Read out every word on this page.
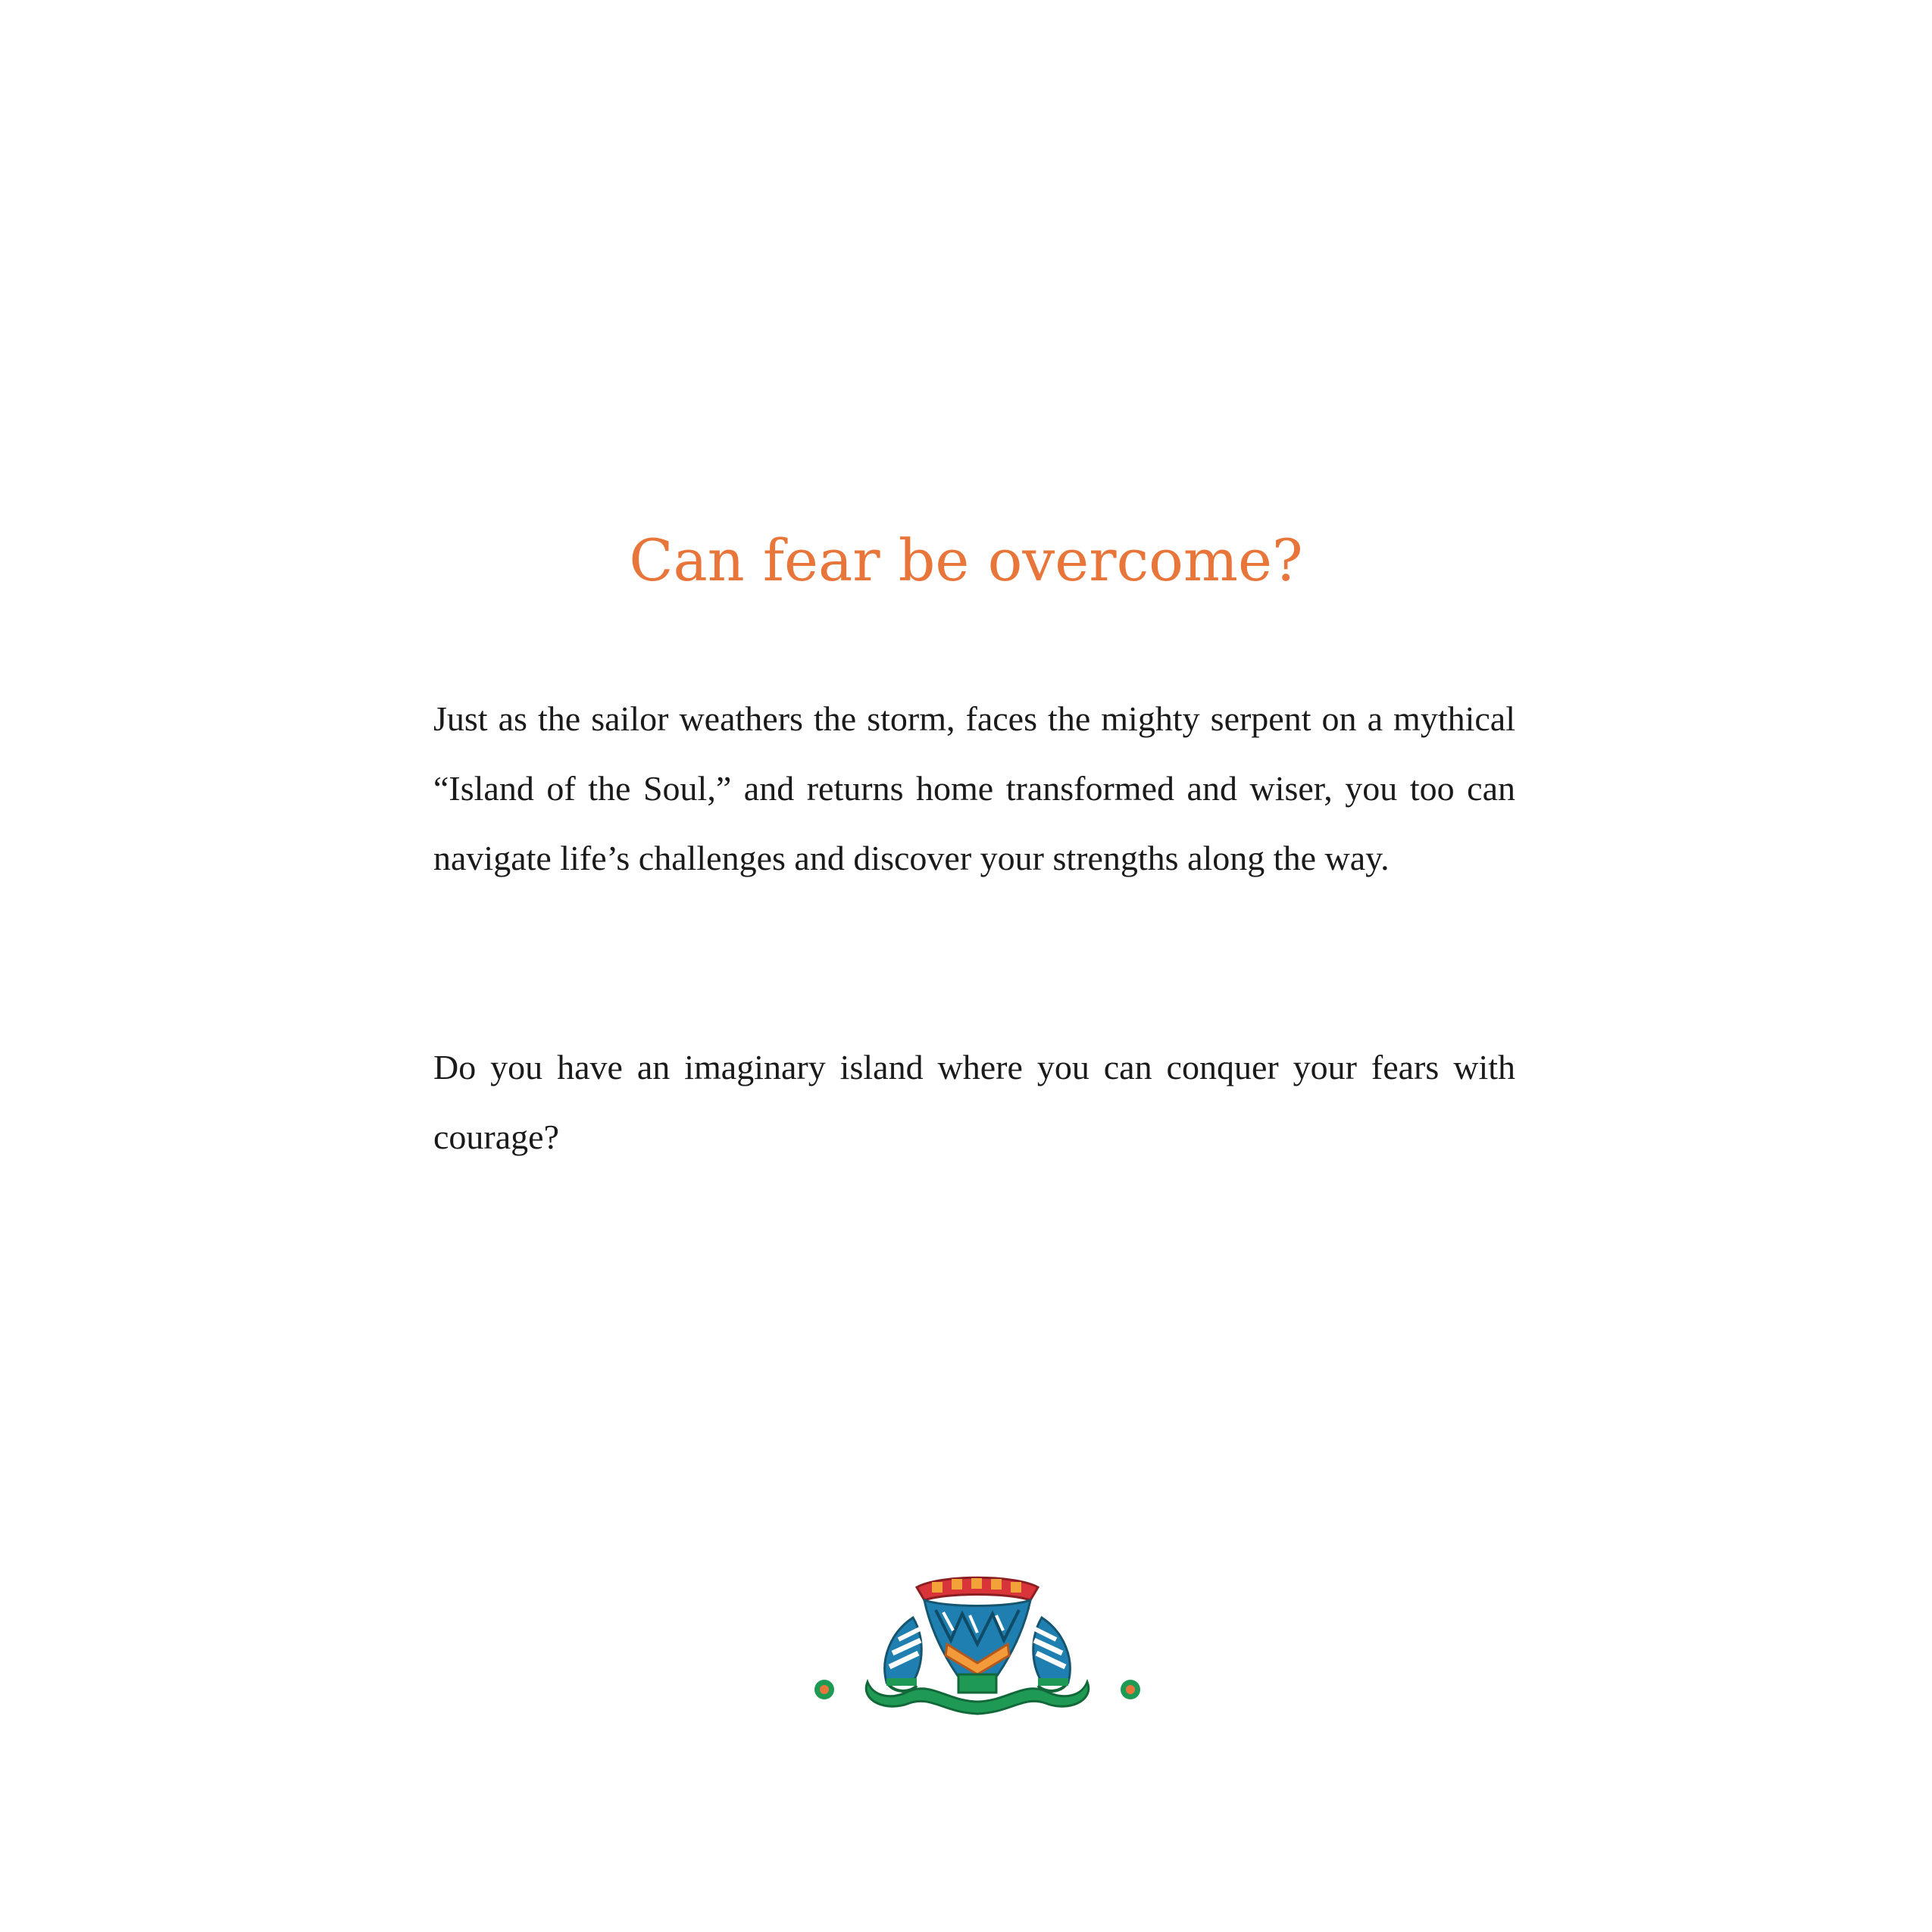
Can fear be overcome?

Just as the sailor weathers the storm, faces the mighty serpent on a mythical “Island of the Soul,” and returns home transformed and wiser, you too can navigate life’s challenges and discover your strengths along the way.

Do you have an imaginary island where you can conquer your fears with courage?
